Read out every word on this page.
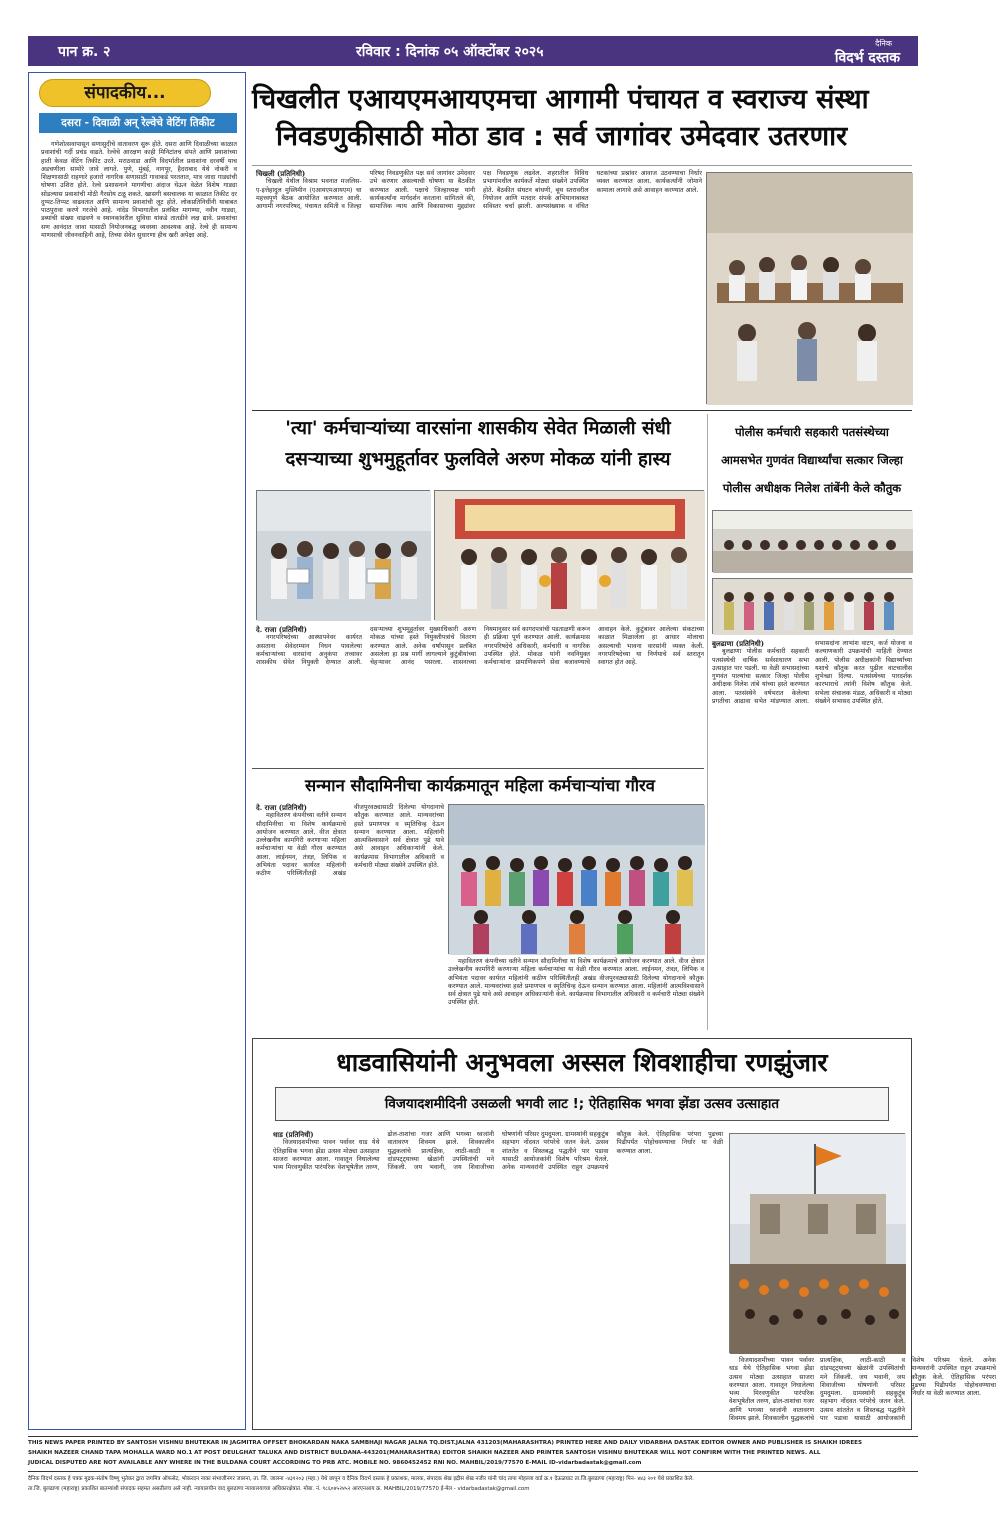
पान क्र. २	रविवार : दिनांक ०५ ऑक्टोंबर २०२५
दैनिक
विदर्भ दस्तक
संपादकीय...
दसरा - दिवाळी अन् रेल्वेचे वेटिंग तिकीट

गणेशोत्सवापासून सणासुदीचे वातावरण सुरू होते. दसरा आणि दिवाळीच्या काळात प्रवाशांची गर्दी प्रचंड वाढते. रेल्वेचे आरक्षण काही मिनिटांतच संपते आणि प्रवाशांच्या हाती केवळ वेटिंग तिकीट उरते. मराठवाडा आणि विदर्भातील प्रवाशांना दरवर्षी याच अडचणीला सामोरे जावे लागते. पुणे, मुंबई, नागपूर, हैदराबाद येथे नोकरी व शिक्षणासाठी राहणारे हजारो नागरिक सणासाठी गावाकडे परततात, मात्र जादा गाड्यांची घोषणा उशिरा होते. रेल्वे प्रशासनाने मागणीचा अंदाज घेऊन वेळेत विशेष गाड्या सोडल्यास प्रवाशांची मोठी गैरसोय टळू शकते. खासगी बसचालक या काळात तिकीट दर दुप्पट-तिप्पट वाढवतात आणि सामान्य प्रवाशांची लूट होते. लोकप्रतिनिधींनी याबाबत पाठपुरावा करणे गरजेचे आहे. नांदेड विभागातील प्रलंबित मागण्या, नवीन गाड्या, डब्यांची संख्या वाढवणे व स्थानकांवरील सुविधा यांकडे तातडीने लक्ष द्यावे. प्रवाशांचा सण आनंदात जावा यासाठी नियोजनबद्ध व्यवस्था आवश्यक आहे. रेल्वे ही सामान्य माणसाची जीवनवाहिनी आहे, तिच्या सेवेत सुधारणा हीच खरी अपेक्षा आहे.

चिखलीत एआयएमआयएमचा आगामी पंचायत व स्वराज्य संस्था
निवडणुकीसाठी मोठा डाव : सर्व जागांवर उमेदवार उतरणार

चिखली (प्रतिनिधी)

चिखली येथील विश्राम भवनात मजलिस-ए-इत्तेहादुल मुस्लिमीन (एआयएमआयएम) चा महत्त्वपूर्ण बैठक आयोजित करण्यात आली. आगामी नगरपरिषद, पंचायत समिती व जिल्हा परिषद निवडणुकीत पक्ष सर्व जागांवर उमेदवार उभे करणार असल्याची घोषणा या बैठकीत करण्यात आली. पक्षाचे जिल्हाध्यक्ष यांनी कार्यकर्त्यांना मार्गदर्शन करताना सांगितले की, सामाजिक न्याय आणि विकासाच्या मुद्द्यांवर पक्ष निवडणूक लढवेल. शहरातील विविध प्रभागांमधील कार्यकर्ते मोठ्या संख्येने उपस्थित होते. बैठकीत संघटन बांधणी, बूथ स्तरावरील नियोजन आणि मतदार संपर्क अभियानाबाबत सविस्तर चर्चा झाली. अल्पसंख्याक व वंचित घटकांच्या प्रश्नांवर आवाज उठवण्याचा निर्धार व्यक्त करण्यात आला. कार्यकर्त्यांनी जोमाने कामाला लागावे असे आवाहन करण्यात आले.

'त्या' कर्मचाऱ्यांच्या वारसांना शासकीय सेवेत मिळाली संधी
दसऱ्याच्या शुभमुहूर्तावर फुलविले अरुण मोकळ यांनी हास्य

दे. राजा (प्रतिनिधी)

नगरपरिषदेच्या आस्थापनेवर कार्यरत असताना सेवेदरम्यान निधन पावलेल्या कर्मचाऱ्यांच्या वारसांना अनुकंपा तत्त्वावर शासकीय सेवेत नियुक्ती देण्यात आली. दसऱ्याच्या शुभमुहूर्तावर मुख्याधिकारी अरुण मोकळ यांच्या हस्ते नियुक्तीपत्रांचे वितरण करण्यात आले. अनेक वर्षांपासून प्रलंबित असलेला हा प्रश्न मार्गी लागल्याने कुटुंबीयांच्या चेहऱ्यावर आनंद पसरला. शासनाच्या नियमानुसार सर्व कागदपत्रांची पडताळणी करून ही प्रक्रिया पूर्ण करण्यात आली. कार्यक्रमास नगरपरिषदेचे अधिकारी, कर्मचारी व नागरिक उपस्थित होते. मोकळ यांनी नवनियुक्त कर्मचाऱ्यांना प्रामाणिकपणे सेवा बजावण्याचे आवाहन केले. कुटुंबावर आलेल्या संकटाच्या काळात मिळालेला हा आधार मोलाचा असल्याची भावना वारसांनी व्यक्त केली. नगरपरिषदेच्या या निर्णयाचे सर्व स्तरातून स्वागत होत आहे.

सन्मान सौदामिनीचा कार्यक्रमातून महिला कर्मचाऱ्यांचा गौरव

दे. राजा (प्रतिनिधी)

महावितरण कंपनीच्या वतीने सन्मान सौदामिनीचा या विशेष कार्यक्रमाचे आयोजन करण्यात आले. वीज क्षेत्रात उल्लेखनीय कामगिरी करणाऱ्या महिला कर्मचाऱ्यांचा या वेळी गौरव करण्यात आला. लाईनमन, तंत्रज्ञ, लिपिक व अभियंता पदावर कार्यरत महिलांनी कठीण परिस्थितीतही अखंड वीजपुरवठ्यासाठी दिलेल्या योगदानाचे कौतुक करण्यात आले. मान्यवरांच्या हस्ते प्रमाणपत्र व स्मृतिचिन्ह देऊन सन्मान करण्यात आला. महिलांनी आत्मविश्वासाने सर्व क्षेत्रात पुढे यावे असे आवाहन अधिकाऱ्यांनी केले. कार्यक्रमास विभागातील अधिकारी व कर्मचारी मोठ्या संख्येने उपस्थित होते.

महावितरण कंपनीच्या वतीने सन्मान सौदामिनीचा या विशेष कार्यक्रमाचे आयोजन करण्यात आले. वीज क्षेत्रात उल्लेखनीय कामगिरी करणाऱ्या महिला कर्मचाऱ्यांचा या वेळी गौरव करण्यात आला. लाईनमन, तंत्रज्ञ, लिपिक व अभियंता पदावर कार्यरत महिलांनी कठीण परिस्थितीतही अखंड वीजपुरवठ्यासाठी दिलेल्या योगदानाचे कौतुक करण्यात आले. मान्यवरांच्या हस्ते प्रमाणपत्र व स्मृतिचिन्ह देऊन सन्मान करण्यात आला. महिलांनी आत्मविश्वासाने सर्व क्षेत्रात पुढे यावे असे आवाहन अधिकाऱ्यांनी केले. कार्यक्रमास विभागातील अधिकारी व कर्मचारी मोठ्या संख्येने उपस्थित होते.

पोलीस कर्मचारी सहकारी पतसंस्थेच्या
आमसभेत गुणवंत विद्यार्थ्यांचा सत्कार जिल्हा
पोलीस अधीक्षक निलेश तांबेंनी केले कौतुक

बुलढाणा (प्रतिनिधी)

बुलढाणा पोलीस कर्मचारी सहकारी पतसंस्थेची वार्षिक सर्वसाधारण सभा उत्साहात पार पडली. या वेळी सभासदांच्या गुणवंत पाल्यांचा सत्कार जिल्हा पोलीस अधीक्षक निलेश तांबे यांच्या हस्ते करण्यात आला. पतसंस्थेने वर्षभरात केलेल्या प्रगतीचा आढावा सभेत मांडण्यात आला. सभासदांना लाभांश वाटप, कर्ज योजना व कल्याणकारी उपक्रमांची माहिती देण्यात आली. पोलीस अधीक्षकांनी विद्यार्थ्यांच्या यशाचे कौतुक करत पुढील वाटचालीस शुभेच्छा दिल्या. पतसंस्थेच्या पारदर्शक कारभाराचे त्यांनी विशेष कौतुक केले. सभेला संचालक मंडळ, अधिकारी व मोठ्या संख्येने सभासद उपस्थित होते.

धाडवासियांनी अनुभवला अस्सल शिवशाहीचा रणझुंजार
विजयादशमीदिनी उसळली भगवी लाट !; ऐतिहासिक भगवा झेंडा उत्सव उत्साहात

धाड (प्रतिनिधी)

विजयादशमीच्या पावन पर्वावर धाड येथे ऐतिहासिक भगवा झेंडा उत्सव मोठ्या उत्साहात साजरा करण्यात आला. गावातून निघालेल्या भव्य मिरवणुकीत पारंपरिक वेशभूषेतील तरुण, ढोल-ताशांचा गजर आणि भगव्या ध्वजांनी वातावरण शिवमय झाले. शिवकालीन युद्धकलांचे प्रात्यक्षिक, लाठी-काठी व दांडपट्ट्याच्या खेळांनी उपस्थितांची मने जिंकली. जय भवानी, जय शिवाजीच्या घोषणांनी परिसर दुमदुमला. ग्रामस्थांनी सहकुटुंब सहभाग नोंदवत परंपरेचे जतन केले. उत्सव शांततेत व शिस्तबद्ध पद्धतीने पार पडावा यासाठी आयोजकांनी विशेष परिश्रम घेतले. अनेक मान्यवरांनी उपस्थित राहून उपक्रमाचे कौतुक केले. ऐतिहासिक परंपरा पुढच्या पिढीपर्यंत पोहोचवण्याचा निर्धार या वेळी करण्यात आला.

विजयादशमीच्या पावन पर्वावर धाड येथे ऐतिहासिक भगवा झेंडा उत्सव मोठ्या उत्साहात साजरा करण्यात आला. गावातून निघालेल्या भव्य मिरवणुकीत पारंपरिक वेशभूषेतील तरुण, ढोल-ताशांचा गजर आणि भगव्या ध्वजांनी वातावरण शिवमय झाले. शिवकालीन युद्धकलांचे प्रात्यक्षिक, लाठी-काठी व दांडपट्ट्याच्या खेळांनी उपस्थितांची मने जिंकली. जय भवानी, जय शिवाजीच्या घोषणांनी परिसर दुमदुमला. ग्रामस्थांनी सहकुटुंब सहभाग नोंदवत परंपरेचे जतन केले. उत्सव शांततेत व शिस्तबद्ध पद्धतीने पार पडावा यासाठी आयोजकांनी विशेष परिश्रम घेतले. अनेक मान्यवरांनी उपस्थित राहून उपक्रमाचे कौतुक केले. ऐतिहासिक परंपरा पुढच्या पिढीपर्यंत पोहोचवण्याचा निर्धार या वेळी करण्यात आला.

THIS NEWS PAPER PRINTED BY SANTOSH VISHNU BHUTEKAR IN JAGMITRA OFFSET BHOKARDAN NAKA SAMBHAJI NAGAR JALNA TQ.DIST.JALNA 431203(MAHARASHTRA) PRINTED HERE AND DAILY VIDARBHA DASTAK EDITOR OWNER AND PUBLISHER IS SHAIKH IDREES
SHAIKH NAZEER CHAND TAPA MOHALLA WARD NO.1 AT POST DEULGHAT TALUKA AND DISTRICT BULDANA-443201(MAHARASHTRA) EDITOR SHAIKH NAZEER AND PRINTER SANTOSH VISHNU BHUTEKAR WILL NOT CONFIRM WITH THE PRINTED NEWS. ALL
JUDICAL DISPUTED ARE NOT AVAILABLE ANY WHERE IN THE BULDANA COURT ACCORDING TO PRB ATC. MOBILE NO. 9860452452 RNI NO. MAHBIL/2019/77570 E-MAIL ID-vidarbadastak@gmail.com
दैनिक विदर्भ दस्तक हे पत्रक मुद्रक-संतोष विष्णू भुतेकर द्वारा जगमित्र ऑफसेट, भोकरदन नाका संभाजीनगर जालना, ता. जि. जालना -४३१२०३ (महा.) येथे छापून व दैनिक विदर्भ दस्तक हे प्रकाशक, मालक, संपादक शेख इद्रीस शेख नजीर यांनी चांद तापा मोहल्ला वार्ड क्र.१ देऊळघाट ता.जि.बुलढाणा (महाराष्ट्र) पिन- ४४३ २०१ येथे प्रकाशित केले.
ता.जि. बुलढाणा (महाराष्ट्र) प्रकाशित बातम्यांशी संपादक सहमत असतीलच असे नाही. न्यायालयीन वाद बुलढाणा न्यायालयाच्या अधिकारक्षेत्रात. मोबा. नं. ९८६०४५२४५२ आरएनआय क्र. MAHBIL/2019/77570 ई-मेल - vidarbadastak@gmail.com
